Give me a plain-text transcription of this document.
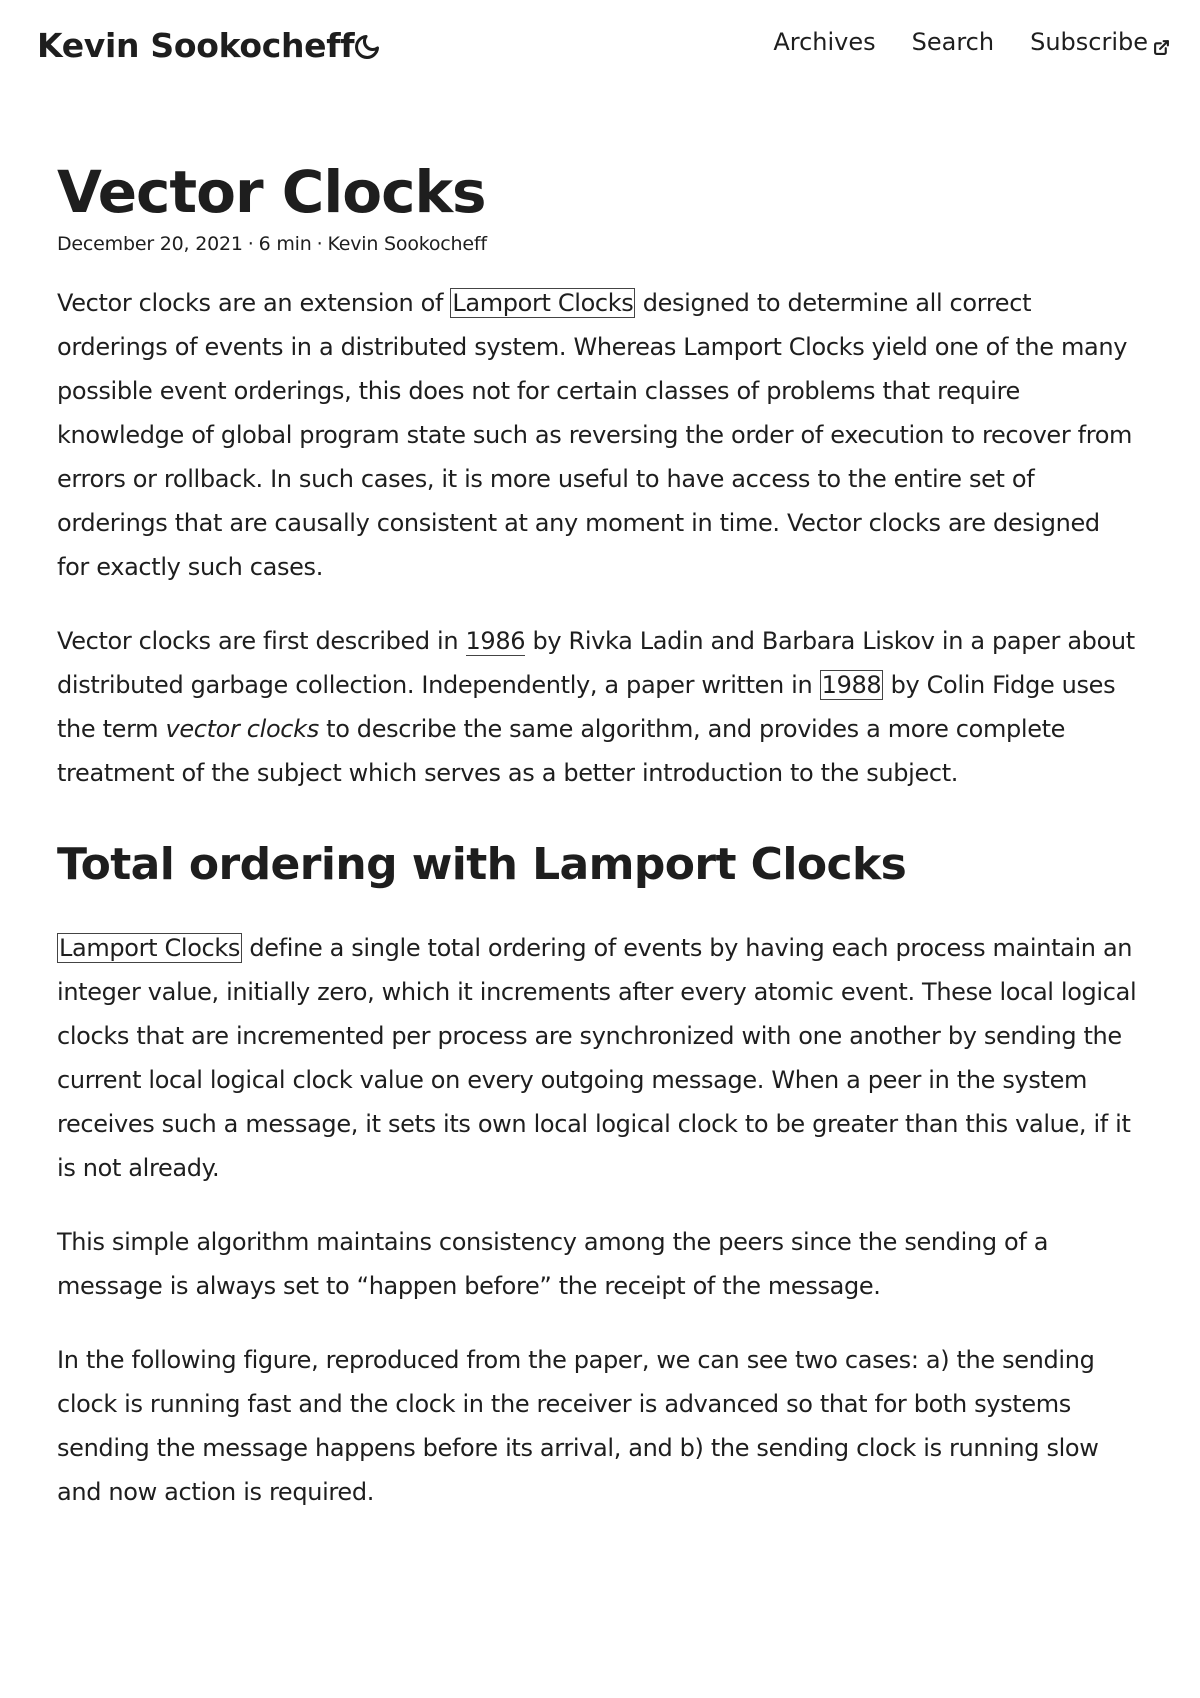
Kevin Sookocheff	Archives Search Subscribe
Vector Clocks
December 20, 2021 · 6 min · Kevin Sookocheff

Vector clocks are an extension of Lamport Clocks designed to determine all correct orderings of events in a distributed system. Whereas Lamport Clocks yield one of the many possible event orderings, this does not for certain classes of problems that require knowledge of global program state such as reversing the order of execution to recover from errors or rollback. In such cases, it is more useful to have access to the entire set of orderings that are causally consistent at any moment in time. Vector clocks are designed for exactly such cases.

Vector clocks are first described in 1986 by Rivka Ladin and Barbara Liskov in a paper about distributed garbage collection. Independently, a paper written in 1988 by Colin Fidge uses the term vector clocks to describe the same algorithm, and provides a more complete treatment of the subject which serves as a better introduction to the subject.

Total ordering with Lamport Clocks

Lamport Clocks define a single total ordering of events by having each process maintain an integer value, initially zero, which it increments after every atomic event. These local logical clocks that are incremented per process are synchronized with one another by sending the current local logical clock value on every outgoing message. When a peer in the system receives such a message, it sets its own local logical clock to be greater than this value, if it is not already.

This simple algorithm maintains consistency among the peers since the sending of a message is always set to “happen before” the receipt of the message.

In the following figure, reproduced from the paper, we can see two cases: a) the sending clock is running fast and the clock in the receiver is advanced so that for both systems sending the message happens before its arrival, and b) the sending clock is running slow and now action is required.
